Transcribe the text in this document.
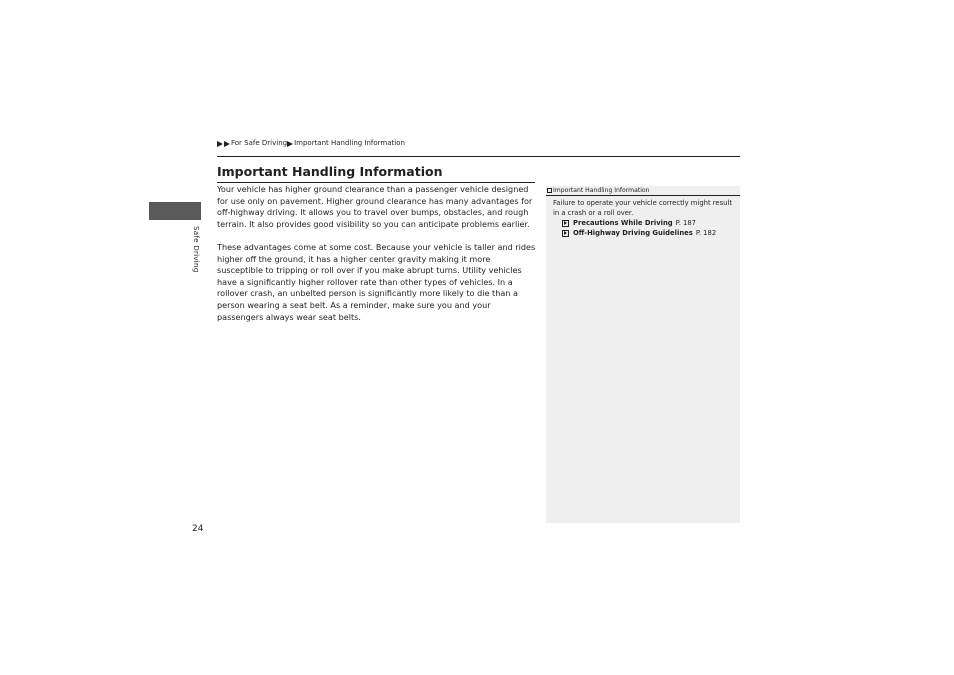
For Safe Driving Important Handling Information
Important Handling Information

Your vehicle has higher ground clearance than a passenger vehicle designed for use only on pavement. Higher ground clearance has many advantages for off-highway driving. It allows you to travel over bumps, obstacles, and rough terrain. It also provides good visibility so you can anticipate problems earlier.

These advantages come at some cost. Because your vehicle is taller and rides higher off the ground, it has a higher center gravity making it more susceptible to tripping or roll over if you make abrupt turns. Utility vehicles have a significantly higher rollover rate than other types of vehicles. In a rollover crash, an unbelted person is significantly more likely to die than a person wearing a seat belt. As a reminder, make sure you and your passengers always wear seat belts.

Safe Driving
Important Handling Information

Failure to operate your vehicle correctly might result in a crash or a roll over.

Precautions While Driving P. 187
Off-Highway Driving Guidelines P. 182
24
